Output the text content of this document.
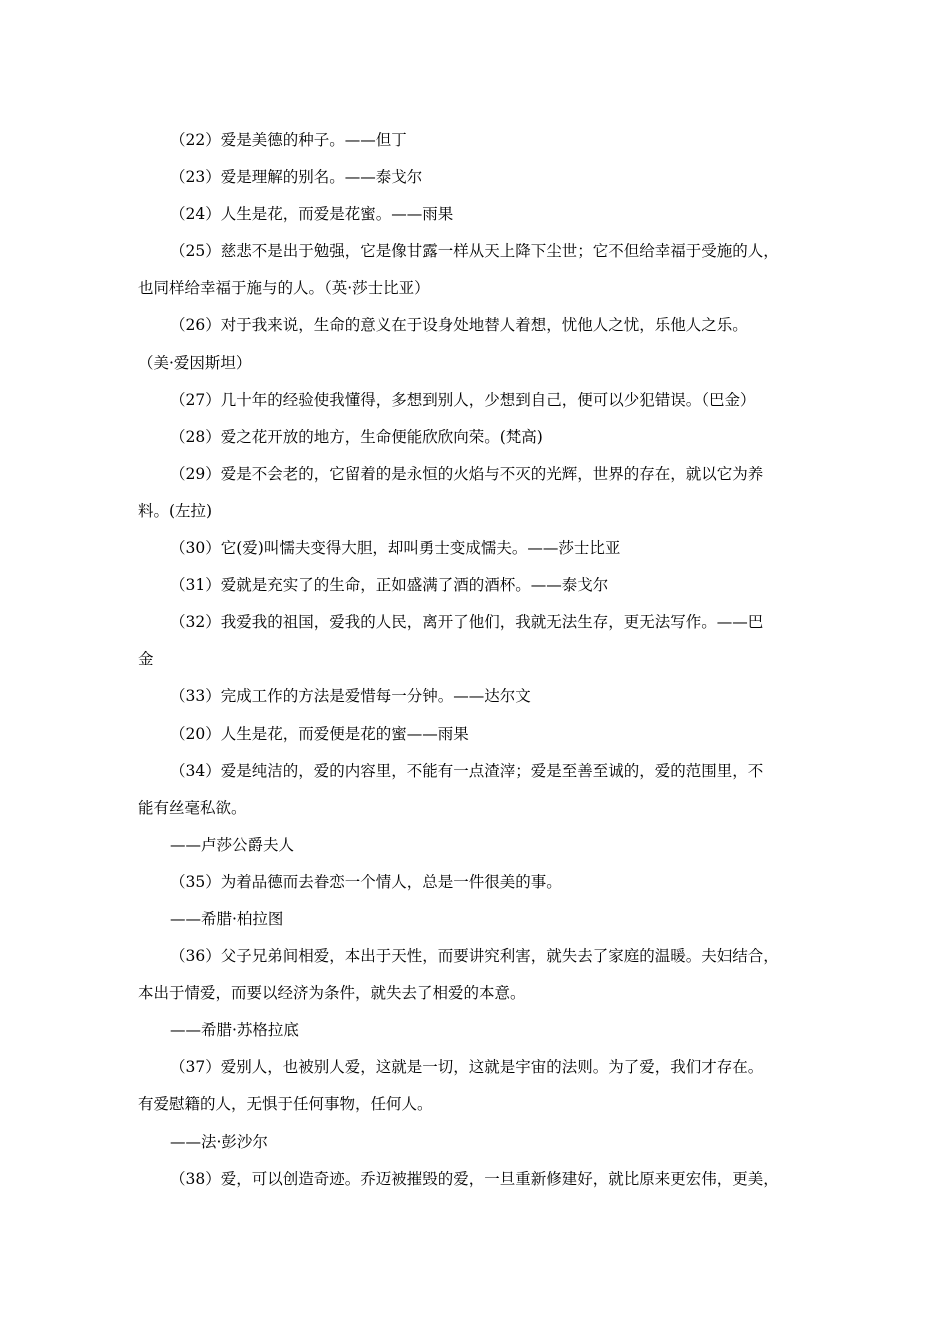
（22）爱是美德的种子。——但丁
（23）爱是理解的别名。——泰戈尔
（24）人生是花，而爱是花蜜。——雨果
（25）慈悲不是出于勉强，它是像甘露一样从天上降下尘世；它不但给幸福于受施的人，
也同样给幸福于施与的人。（英·莎士比亚）
（26）对于我来说，生命的意义在于设身处地替人着想，忧他人之忧，乐他人之乐。
（美·爱因斯坦）
（27）几十年的经验使我懂得，多想到别人，少想到自己，便可以少犯错误。（巴金）
（28）爱之花开放的地方，生命便能欣欣向荣。(梵高)
（29）爱是不会老的，它留着的是永恒的火焰与不灭的光辉，世界的存在，就以它为养
料。(左拉)
（30）它(爱)叫懦夫变得大胆，却叫勇士变成懦夫。——莎士比亚
（31）爱就是充实了的生命，正如盛满了酒的酒杯。——泰戈尔
（32）我爱我的祖国，爱我的人民，离开了他们，我就无法生存，更无法写作。——巴
金
（33）完成工作的方法是爱惜每一分钟。——达尔文
（20）人生是花，而爱便是花的蜜——雨果
（34）爱是纯洁的，爱的内容里，不能有一点渣滓；爱是至善至诚的，爱的范围里，不
能有丝毫私欲。
——卢莎公爵夫人
（35）为着品德而去眷恋一个情人，总是一件很美的事。
——希腊·柏拉图
（36）父子兄弟间相爱，本出于天性，而要讲究利害，就失去了家庭的温暖。夫妇结合，
本出于情爱，而要以经济为条件，就失去了相爱的本意。
——希腊·苏格拉底
（37）爱别人，也被别人爱，这就是一切，这就是宇宙的法则。为了爱，我们才存在。
有爱慰籍的人，无惧于任何事物，任何人。
——法·彭沙尔
（38）爱，可以创造奇迹。乔迈被摧毁的爱，一旦重新修建好，就比原来更宏伟，更美，
